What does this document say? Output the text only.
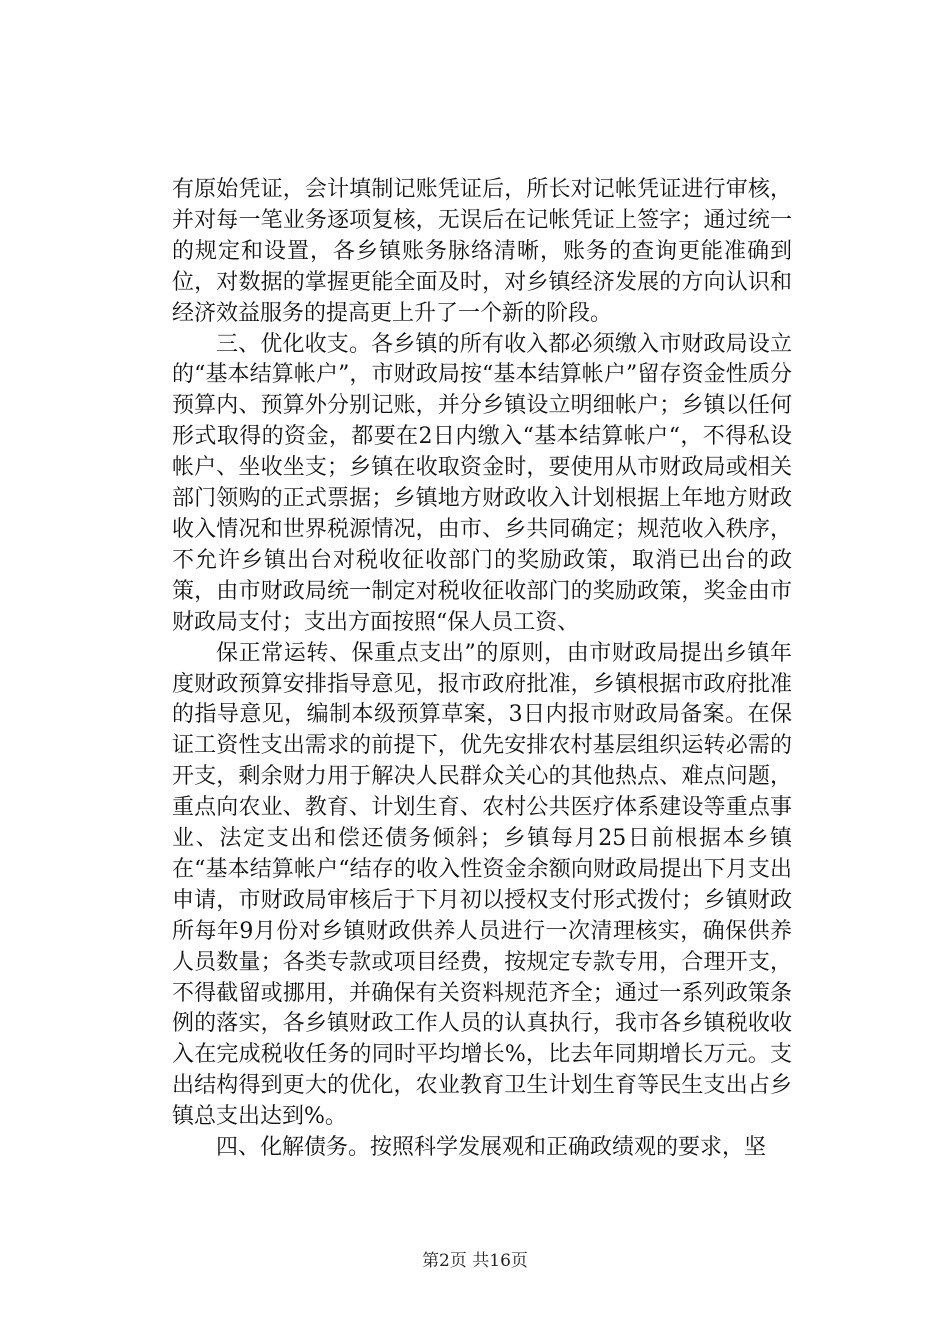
有原始凭证，会计填制记账凭证后，所长对记帐凭证进行审核，并对每一笔业务逐项复核，无误后在记帐凭证上签字；通过统一的规定和设置，各乡镇账务脉络清晰，账务的查询更能准确到位，对数据的掌握更能全面及时，对乡镇经济发展的方向认识和经济效益服务的提高更上升了一个新的阶段。

三、优化收支。各乡镇的所有收入都必须缴入市财政局设立的“基本结算帐户”，市财政局按“基本结算帐户”留存资金性质分预算内、预算外分别记账，并分乡镇设立明细帐户；乡镇以任何形式取得的资金，都要在2日内缴入“基本结算帐户“，不得私设帐户、坐收坐支；乡镇在收取资金时，要使用从市财政局或相关部门领购的正式票据；乡镇地方财政收入计划根据上年地方财政收入情况和世界税源情况，由市、乡共同确定；规范收入秩序，不允许乡镇出台对税收征收部门的奖励政策，取消已出台的政策，由市财政局统一制定对税收征收部门的奖励政策，奖金由市财政局支付；支出方面按照“保人员工资、

保正常运转、保重点支出”的原则，由市财政局提出乡镇年度财政预算安排指导意见，报市政府批准，乡镇根据市政府批准的指导意见，编制本级预算草案，3日内报市财政局备案。在保证工资性支出需求的前提下，优先安排农村基层组织运转必需的开支，剩余财力用于解决人民群众关心的其他热点、难点问题，重点向农业、教育、计划生育、农村公共医疗体系建设等重点事业、法定支出和偿还债务倾斜；乡镇每月25日前根据本乡镇在“基本结算帐户“结存的收入性资金余额向财政局提出下月支出申请，市财政局审核后于下月初以授权支付形式拨付；乡镇财政所每年9月份对乡镇财政供养人员进行一次清理核实，确保供养人员数量；各类专款或项目经费，按规定专款专用，合理开支，不得截留或挪用，并确保有关资料规范齐全；通过一系列政策条例的落实，各乡镇财政工作人员的认真执行，我市各乡镇税收收入在完成税收任务的同时平均增长%，比去年同期增长万元。支出结构得到更大的优化，农业教育卫生计划生育等民生支出占乡镇总支出达到%。

四、化解债务。按照科学发展观和正确政绩观的要求，坚

第2页 共16页
